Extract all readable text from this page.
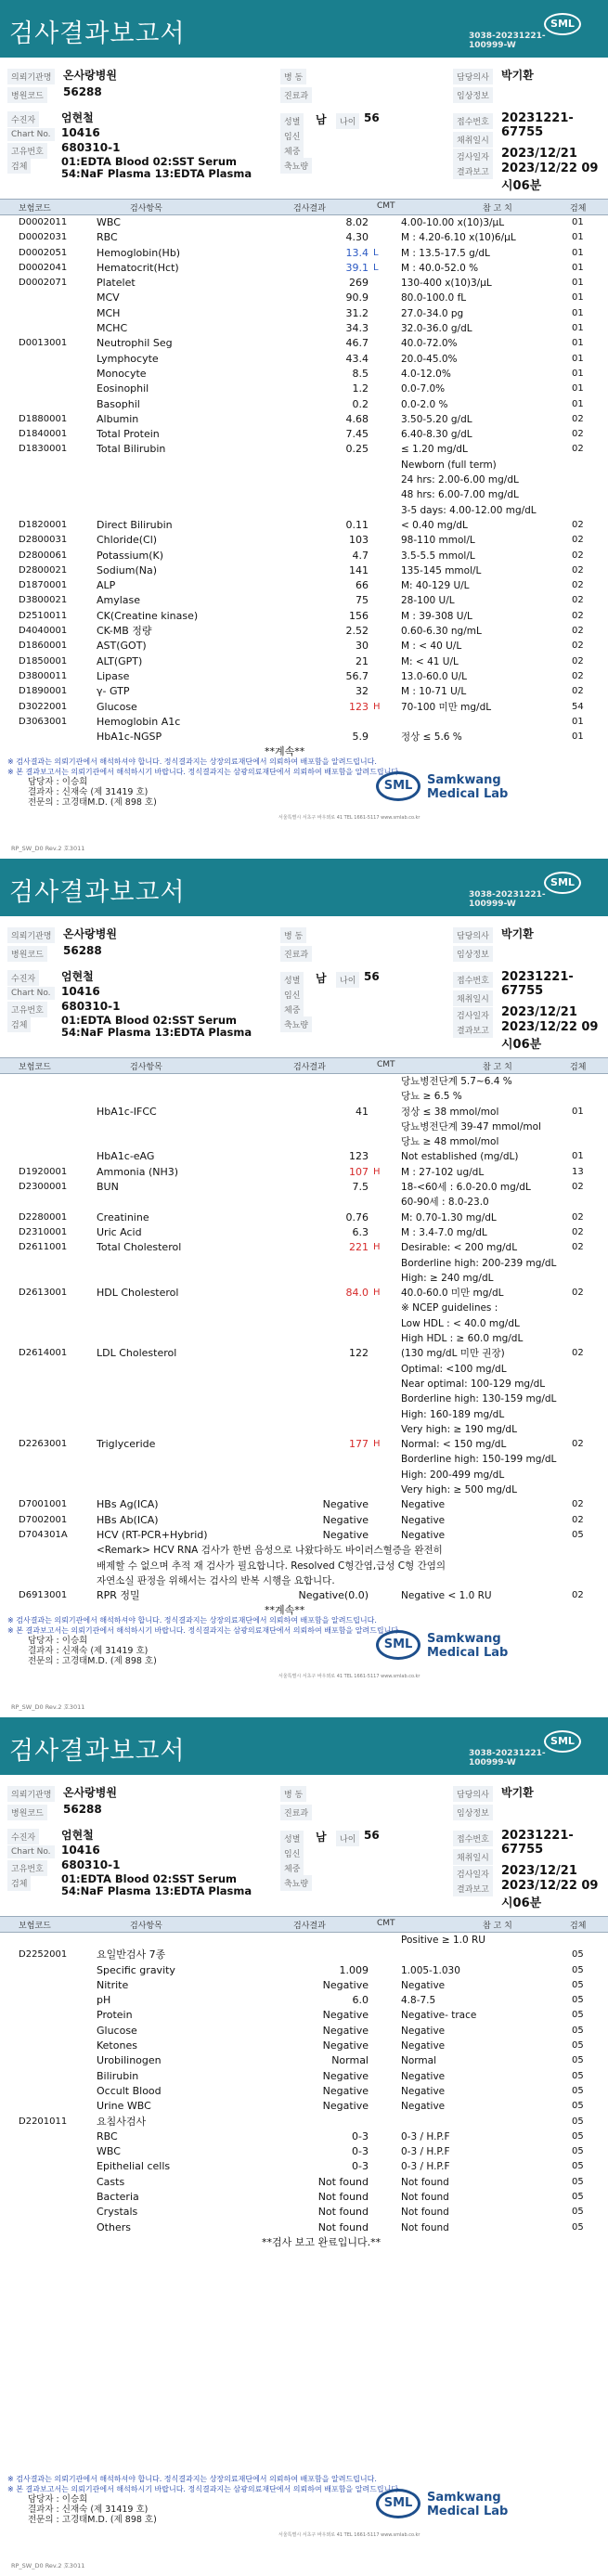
검사결과보고서	SML
3038-20231221-
100999-W
의뢰기관명	온사랑병원	병 동	담당의사	박기환
병원코드	56288	진료과	임상정보
수진자	엄현철	성별	남	나이 56	접수번호	20231221-67755
Chart No. 10416	임신
고유번호	680310-1	체중
채취일시
검체	01:EDTA Blood 02:SST Serum
54:NaF Plasma 13:EDTA Plasma	축뇨량
검사일자	2023/12/21
결과보고	2023/12/22 09시06분
보험코드	검사항목	검사결과	CMT	참 고 치	검체
D0002011	WBC	8.02	4.00-10.00 x(10)3/μL	01
D0002031	RBC	4.30	M : 4.20-6.10 x(10)6/μL	01
D0002051	Hemoglobin(Hb)	13.4 L M : 13.5-17.5 g/dL	01
D0002041	Hematocrit(Hct)	39.1 L M : 40.0-52.0 %	01
D0002071	Platelet	269	130-400 x(10)3/μL	01
MCV	90.9	80.0-100.0 fL	01
MCH	31.2	27.0-34.0 pg	01
MCHC	34.3	32.0-36.0 g/dL	01
D0013001	Neutrophil Seg	46.7	40.0-72.0%	01
Lymphocyte	43.4	20.0-45.0%	01
Monocyte	8.5	4.0-12.0%	01
Eosinophil	1.2	0.0-7.0%	01
Basophil	0.2	0.0-2.0 %	01
D1880001	Albumin	4.68	3.50-5.20 g/dL	02
D1840001	Total Protein	7.45	6.40-8.30 g/dL	02
D1830001	Total Bilirubin	0.25	≤ 1.20 mg/dL	02
Newborn (full term)
24 hrs: 2.00-6.00 mg/dL
48 hrs: 6.00-7.00 mg/dL
3-5 days: 4.00-12.00 mg/dL
D1820001	Direct Bilirubin	0.11	< 0.40 mg/dL	02
D2800031	Chloride(Cl)	103	98-110 mmol/L	02
D2800061	Potassium(K)	4.7	3.5-5.5 mmol/L	02
D2800021	Sodium(Na)	141	135-145 mmol/L	02
D1870001	ALP	66	M: 40-129 U/L	02
D3800021	Amylase	75	28-100 U/L	02
D2510011	CK(Creatine kinase)	156	M : 39-308 U/L	02
D4040001	CK-MB 정량	2.52	0.60-6.30 ng/mL	02
D1860001	AST(GOT)	30	M : < 40 U/L	02
D1850001	ALT(GPT)	21	M: < 41 U/L	02
D3800011	Lipase	56.7	13.0-60.0 U/L	02
D1890001	γ- GTP	32	M : 10-71 U/L	02
D3022001	Glucose	123 H 70-100 미만 mg/dL	54
D3063001	Hemoglobin A1c	01
HbA1c-NGSP	5.9	정상 ≤ 5.6 %	01
**계속**
※ 검사결과는 의뢰기관에서 해석하셔야 합니다. 정식결과지는 상장의료재단에서 의뢰하여 배포함을 알려드립니다.
※ 본 결과보고서는 의뢰기관에서 해석하시기 바랍니다. 정식결과지는 삼광의료재단에서 의뢰하여 배포함을 알려드립니다.
담당자 : 이승희
결과자 : 신재숙 (제 31419 호)
전문의 : 고경태M.D. (제 898 호)
SML	Samkwang
Medical Lab
서울특별시 서초구 바우뫼로 41 TEL 1661-5117 www.smlab.co.kr
RP_SW_D0 Rev.2 호3011
검사결과보고서	SML
3038-20231221-
100999-W
의뢰기관명	온사랑병원	병 동	담당의사	박기환
병원코드	56288	진료과	임상정보
수진자	엄현철	성별	남	나이 56	접수번호	20231221-67755
Chart No. 10416	임신
고유번호	680310-1	체중
채취일시
검체	01:EDTA Blood 02:SST Serum
54:NaF Plasma 13:EDTA Plasma	축뇨량
검사일자	2023/12/21
결과보고	2023/12/22 09시06분
보험코드	검사항목	검사결과	CMT	참 고 치	검체
당뇨병전단계 5.7~6.4 %
당뇨 ≥ 6.5 %
HbA1c-IFCC	41	정상 ≤ 38 mmol/mol	01
당뇨병전단계 39-47 mmol/mol
당뇨 ≥ 48 mmol/mol
HbA1c-eAG	123	Not established (mg/dL)	01
D1920001	Ammonia (NH3)	107 H M : 27-102 ug/dL	13
D2300001	BUN	7.5	18-<60세 : 6.0-20.0 mg/dL	02
60-90세 : 8.0-23.0
D2280001	Creatinine	0.76	M: 0.70-1.30 mg/dL	02
D2310001	Uric Acid	6.3	M : 3.4-7.0 mg/dL	02
D2611001	Total Cholesterol	221 H Desirable: < 200 mg/dL	02
Borderline high: 200-239 mg/dL
High: ≥ 240 mg/dL
D2613001	HDL Cholesterol	84.0 H 40.0-60.0 미만 mg/dL	02
※ NCEP guidelines :
Low HDL : < 40.0 mg/dL
High HDL : ≥ 60.0 mg/dL
D2614001	LDL Cholesterol	122	(130 mg/dL 미만 권장)	02
Optimal: <100 mg/dL
Near optimal: 100-129 mg/dL
Borderline high: 130-159 mg/dL
High: 160-189 mg/dL
Very high: ≥ 190 mg/dL
D2263001	Triglyceride	177 H Normal: < 150 mg/dL	02
Borderline high: 150-199 mg/dL
High: 200-499 mg/dL
Very high: ≥ 500 mg/dL
D7001001	HBs Ag(ICA)	Negative	Negative	02
D7002001	HBs Ab(ICA)	Negative	Negative	02
D704301A	HCV (RT-PCR+Hybrid)	Negative	Negative	05
<Remark> HCV RNA 검사가 한번 음성으로 나왔다하도 바이러스혈증을 완전히
배제할 수 없으며 추적 재 검사가 필요합니다. Resolved C형간염,급성 C형 간염의
자연소실 판정을 위해서는 검사의 반복 시행을 요합니다.
D6913001	RPR 정밀	Negative(0.0)	Negative < 1.0 RU	02
**계속**
※ 검사결과는 의뢰기관에서 해석하셔야 합니다. 정식결과지는 상장의료재단에서 의뢰하여 배포함을 알려드립니다.
※ 본 결과보고서는 의뢰기관에서 해석하시기 바랍니다. 정식결과지는 삼광의료재단에서 의뢰하여 배포함을 알려드립니다.
담당자 : 이승희
결과자 : 신재숙 (제 31419 호)
전문의 : 고경태M.D. (제 898 호)
SML	Samkwang
Medical Lab
서울특별시 서초구 바우뫼로 41 TEL 1661-5117 www.smlab.co.kr
RP_SW_D0 Rev.2 호3011
검사결과보고서	SML
3038-20231221-
100999-W
의뢰기관명	온사랑병원	병 동	담당의사	박기환
병원코드	56288	진료과	임상정보
수진자	엄현철	성별	남	나이 56	접수번호	20231221-67755
Chart No. 10416	임신
고유번호	680310-1	체중
채취일시
검체	01:EDTA Blood 02:SST Serum
54:NaF Plasma 13:EDTA Plasma	축뇨량
검사일자	2023/12/21
결과보고	2023/12/22 09시06분
보험코드	검사항목	검사결과	CMT	참 고 치	검체
Positive ≥ 1.0 RU
D2252001	요일반검사 7종	05
Specific gravity	1.009	1.005-1.030	05
Nitrite	Negative	Negative	05
pH	6.0	4.8-7.5	05
Protein	Negative	Negative- trace	05
Glucose	Negative	Negative	05
Ketones	Negative	Negative	05
Urobilinogen	Normal	Normal	05
Bilirubin	Negative	Negative	05
Occult Blood	Negative	Negative	05
Urine WBC	Negative	Negative	05
D2201011	요침사검사	05
RBC	0-3	0-3 / H.P.F	05
WBC	0-3	0-3 / H.P.F	05
Epithelial cells	0-3	0-3 / H.P.F	05
Casts	Not found	Not found	05
Bacteria	Not found	Not found	05
Crystals	Not found	Not found	05
Others	Not found	Not found	05
**검사 보고 완료입니다.**
※ 검사결과는 의뢰기관에서 해석하셔야 합니다. 정식결과지는 상장의료재단에서 의뢰하여 배포함을 알려드립니다.
※ 본 결과보고서는 의뢰기관에서 해석하시기 바랍니다. 정식결과지는 삼광의료재단에서 의뢰하여 배포함을 알려드립니다.
담당자 : 이승희
결과자 : 신재숙 (제 31419 호)
전문의 : 고경태M.D. (제 898 호)
SML	Samkwang
Medical Lab
서울특별시 서초구 바우뫼로 41 TEL 1661-5117 www.smlab.co.kr
RP_SW_D0 Rev.2 호3011
